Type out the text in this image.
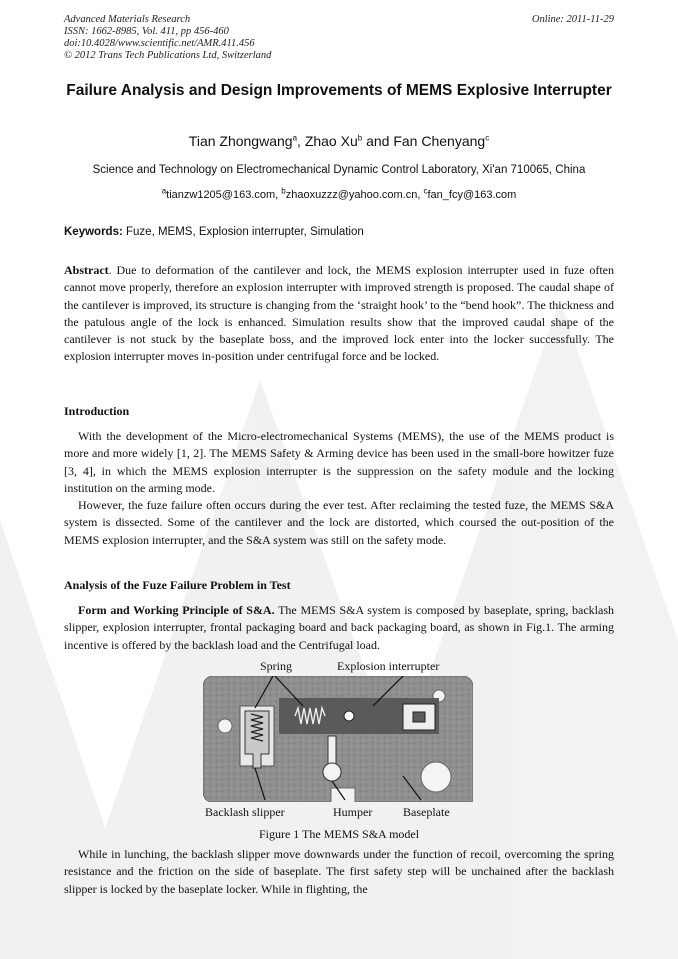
Advanced Materials Research
ISSN: 1662-8985, Vol. 411, pp 456-460
doi:10.4028/www.scientific.net/AMR.411.456
© 2012 Trans Tech Publications Ltd, Switzerland
Online: 2011-11-29
Failure Analysis and Design Improvements of MEMS Explosive Interrupter
Tian Zhongwang$^a$, Zhao Xu$^b$ and Fan Chenyang$^c$
Science and Technology on Electromechanical Dynamic Control Laboratory, Xi'an 710065, China
$^a$tianzw1205@163.com, $^b$zhaoxuzzz@yahoo.com.cn, $^c$fan_fcy@163.com
Keywords: Fuze, MEMS, Explosion interrupter, Simulation

Abstract. Due to deformation of the cantilever and lock, the MEMS explosion interrupter used in fuze often cannot move properly, therefore an explosion interrupter with improved strength is proposed. The caudal shape of the cantilever is improved, its structure is changing from the ‘straight hook’ to the “bend hook”. The thickness and the patulous angle of the lock is enhanced. Simulation results show that the improved caudal shape of the cantilever is not stuck by the baseplate boss, and the improved lock enter into the locker successfully. The explosion interrupter moves in-position under centrifugal force and be locked.

Introduction

With the development of the Micro-electromechanical Systems (MEMS), the use of the MEMS product is more and more widely [1, 2]. The MEMS Safety & Arming device has been used in the small-bore howitzer fuze [3, 4], in which the MEMS explosion interrupter is the suppression on the safety module and the locking institution on the arming mode.

However, the fuze failure often occurs during the ever test. After reclaiming the tested fuze, the MEMS S&A system is dissected. Some of the cantilever and the lock are distorted, which coursed the out-position of the MEMS explosion interrupter, and the S&A system was still on the safety mode.

Analysis of the Fuze Failure Problem in Test

Form and Working Principle of S&A. The MEMS S&A system is composed by baseplate, spring, backlash slipper, explosion interrupter, frontal packaging board and back packaging board, as shown in Fig.1. The arming incentive is offered by the backlash load and the Centrifugal load.

Spring	Explosion interrupter
Backlash slipper	Humper	Baseplate
Figure 1 The MEMS S&A model

While in lunching, the backlash slipper move downwards under the function of recoil, overcoming the spring resistance and the friction on the side of baseplate. The first safety step will be unchained after the backlash slipper is locked by the baseplate locker. While in flighting, the
